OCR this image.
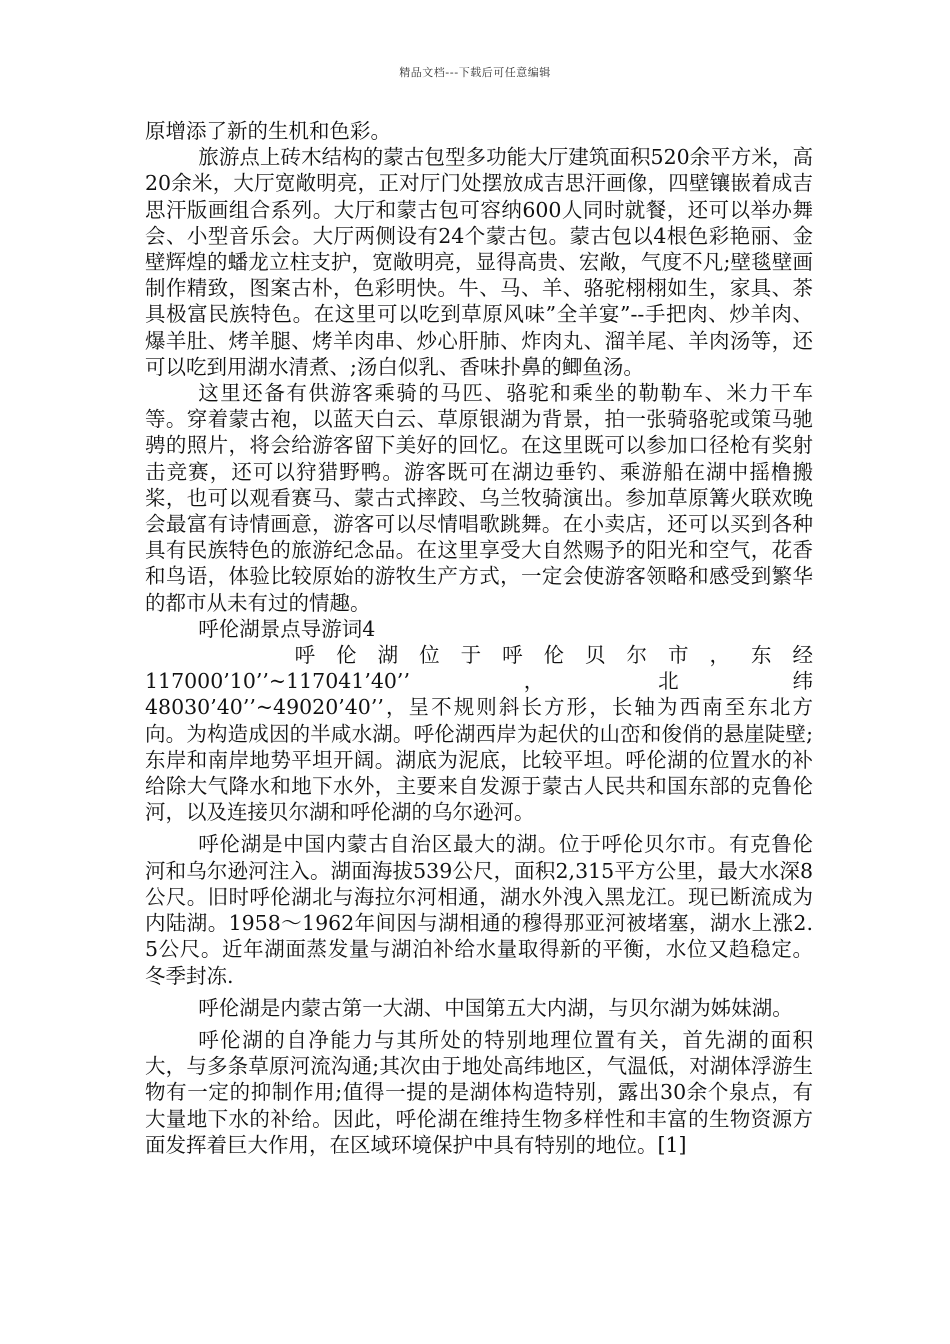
精品文档---下载后可任意编辑

原增添了新的生机和色彩。

旅游点上砖木结构的蒙古包型多功能大厅建筑面积520余平方米，高20余米，大厅宽敞明亮，正对厅门处摆放成吉思汗画像，四壁镶嵌着成吉思汗版画组合系列。大厅和蒙古包可容纳600人同时就餐，还可以举办舞会、小型音乐会。大厅两侧设有24个蒙古包。蒙古包以4根色彩艳丽、金壁辉煌的蟠龙立柱支护，宽敞明亮，显得高贵、宏敞，气度不凡;壁毯壁画制作精致，图案古朴，色彩明快。牛、马、羊、骆驼栩栩如生，家具、茶具极富民族特色。在这里可以吃到草原风味”全羊宴”--手把肉、炒羊肉、爆羊肚、烤羊腿、烤羊肉串、炒心肝肺、炸肉丸、溜羊尾、羊肉汤等，还可以吃到用湖水清煮、;汤白似乳、香味扑鼻的鲫鱼汤。

这里还备有供游客乘骑的马匹、骆驼和乘坐的勒勒车、米力干车等。穿着蒙古袍，以蓝天白云、草原银湖为背景，拍一张骑骆驼或策马驰骋的照片，将会给游客留下美好的回忆。在这里既可以参加口径枪有奖射击竞赛，还可以狩猎野鸭。游客既可在湖边垂钓、乘游船在湖中摇橹搬桨，也可以观看赛马、蒙古式摔跤、乌兰牧骑演出。参加草原篝火联欢晚会最富有诗情画意，游客可以尽情唱歌跳舞。在小卖店，还可以买到各种具有民族特色的旅游纪念品。在这里享受大自然赐予的阳光和空气，花香和鸟语，体验比较原始的游牧生产方式，一定会使游客领略和感受到繁华的都市从未有过的情趣。

呼伦湖景点导游词4

呼伦湖位于呼伦贝尔市，东经

117000’10’’~117041’40’’，北纬

48030’40’’~49020’40’’，呈不规则斜长方形，长轴为西南至东北方向。为构造成因的半咸水湖。呼伦湖西岸为起伏的山峦和俊俏的悬崖陡壁;东岸和南岸地势平坦开阔。湖底为泥底，比较平坦。呼伦湖的位置水的补给除大气降水和地下水外，主要来自发源于蒙古人民共和国东部的克鲁伦河，以及连接贝尔湖和呼伦湖的乌尔逊河。

呼伦湖是中国内蒙古自治区最大的湖。位于呼伦贝尔市。有克鲁伦河和乌尔逊河注入。湖面海拔539公尺，面积2,315平方公里，最大水深8公尺。旧时呼伦湖北与海拉尔河相通，湖水外洩入黑龙江。现已断流成为内陆湖。1958～1962年间因与湖相通的穆得那亚河被堵塞，湖水上涨2.5公尺。近年湖面蒸发量与湖泊补给水量取得新的平衡，水位又趋稳定。冬季封冻.

呼伦湖是内蒙古第一大湖、中国第五大内湖，与贝尔湖为姊妹湖。

呼伦湖的自净能力与其所处的特别地理位置有关，首先湖的面积大，与多条草原河流沟通;其次由于地处高纬地区，气温低，对湖体浮游生物有一定的抑制作用;值得一提的是湖体构造特别，露出30余个泉点，有大量地下水的补给。因此，呼伦湖在维持生物多样性和丰富的生物资源方面发挥着巨大作用，在区域环境保护中具有特别的地位。[1]
